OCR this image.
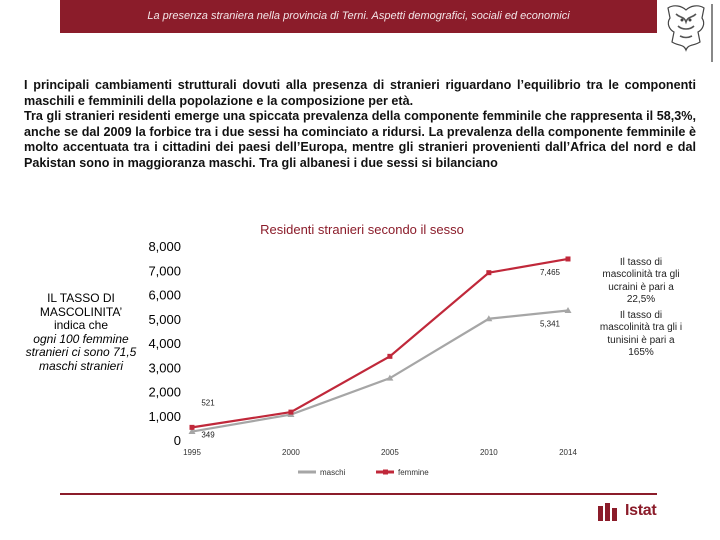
La presenza straniera nella provincia di Terni. Aspetti demografici, sociali ed economici

I principali cambiamenti strutturali dovuti alla presenza di stranieri riguardano l’equilibrio tra le componenti maschili e femminili della popolazione e la composizione per età.

Tra gli stranieri residenti emerge una spiccata prevalenza della componente femminile che rappresenta il 58,3%, anche se dal 2009 la forbice tra i due sessi ha cominciato a ridursi. La prevalenza della componente femminile è molto accentuata tra i cittadini dei paesi dell’Europa, mentre gli stranieri provenienti dall’Africa del nord e dal Pakistan sono in maggioranza maschi. Tra gli albanesi i due sessi si bilanciano

Residenti stranieri secondo il sesso
0
1,000
2,000
3,000
4,000
5,000
6,000
7,000
8,000
1995	2000	2005	2010	2014
349
5,341
521
7,465
maschi	femmine
IL TASSO DI MASCOLINITA’
indica che
ogni 100 femmine stranieri ci sono 71,5 maschi stranieri
Il tasso di mascolinità tra gli ucraini è pari a 22,5%
Il tasso di mascolinità tra gli i tunisini è pari a 165%
Istat
